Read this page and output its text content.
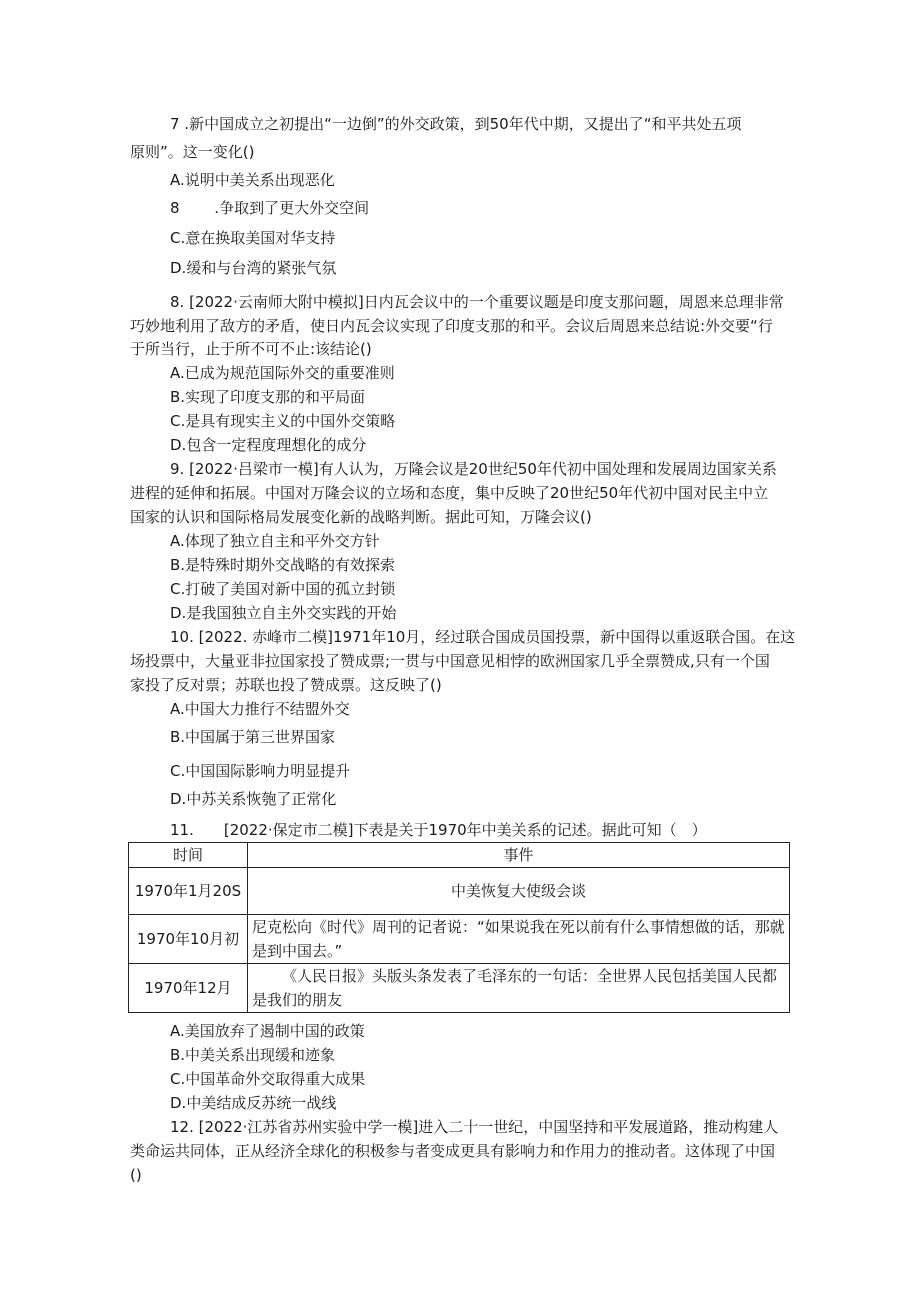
7 .新中国成立之初提出“一边倒”的外交政策，到50年代中期，又提出了“和平共处五项
原则”。这一变化()
A.说明中美关系出现恶化
8　　 .争取到了更大外交空间
C.意在换取美国对华支持
D.缓和与台湾的紧张气氛
8. [2022·云南师大附中模拟]日内瓦会议中的一个重要议题是印度支那问题，周恩来总理非常
巧妙地利用了敌方的矛盾，使日内瓦会议实现了印度支那的和平。会议后周恩来总结说:外交要“行
于所当行，止于所不可不止:该结论()
A.已成为规范国际外交的重要准则
B.实现了印度支那的和平局面
C.是具有现实主义的中国外交策略
D.包含一定程度理想化的成分
9. [2022·吕梁市一模]有人认为，万隆会议是20世纪50年代初中国处理和发展周边国家关系
进程的延伸和拓展。中国对万隆会议的立场和态度，集中反映了20世纪50年代初中国对民主中立
国家的认识和国际格局发展变化新的战略判断。据此可知，万隆会议()
A.体现了独立自主和平外交方针
B.是特殊时期外交战略的有效探索
C.打破了美国对新中国的孤立封锁
D.是我国独立自主外交实践的开始
10. [2022. 赤峰市二模]1971年10月，经过联合国成员国投票，新中国得以重返联合国。在这
场投票中，大量亚非拉国家投了赞成票;一贯与中国意见相悖的欧洲国家几乎全票赞成,只有一个国
家投了反对票；苏联也投了赞成票。这反映了()
A.中国大力推行不结盟外交
B.中国属于第三世界国家
C.中国国际影响力明显提升
D.中苏关系恢匏了正常化
11.　　[2022·保定市二模]下表是关于1970年中美关系的记述。据此可知（　）
时间	事件
1970年1月20S	中美恢复大使级会谈
1970年10月初	尼克松向《时代》周刊的记者说：“如果说我在死以前有什么事情想做的话，那就是到中国去。”
1970年12月	《人民日报》头版头条发表了毛泽东的一句话：全世界人民包括美国人民都是我们的朋友
A.美国放弃了遏制中国的政策
B.中美关系出现缓和迹象
C.中国革命外交取得重大成果
D.中美结成反苏统一战线
12. [2022·江苏省苏州实验中学一模]进入二十一世纪，中国坚持和平发展道路，推动构建人
类命运共同体，正从经济全球化的积极参与者变成更具有影响力和作用力的推动者。这体现了中国
()
